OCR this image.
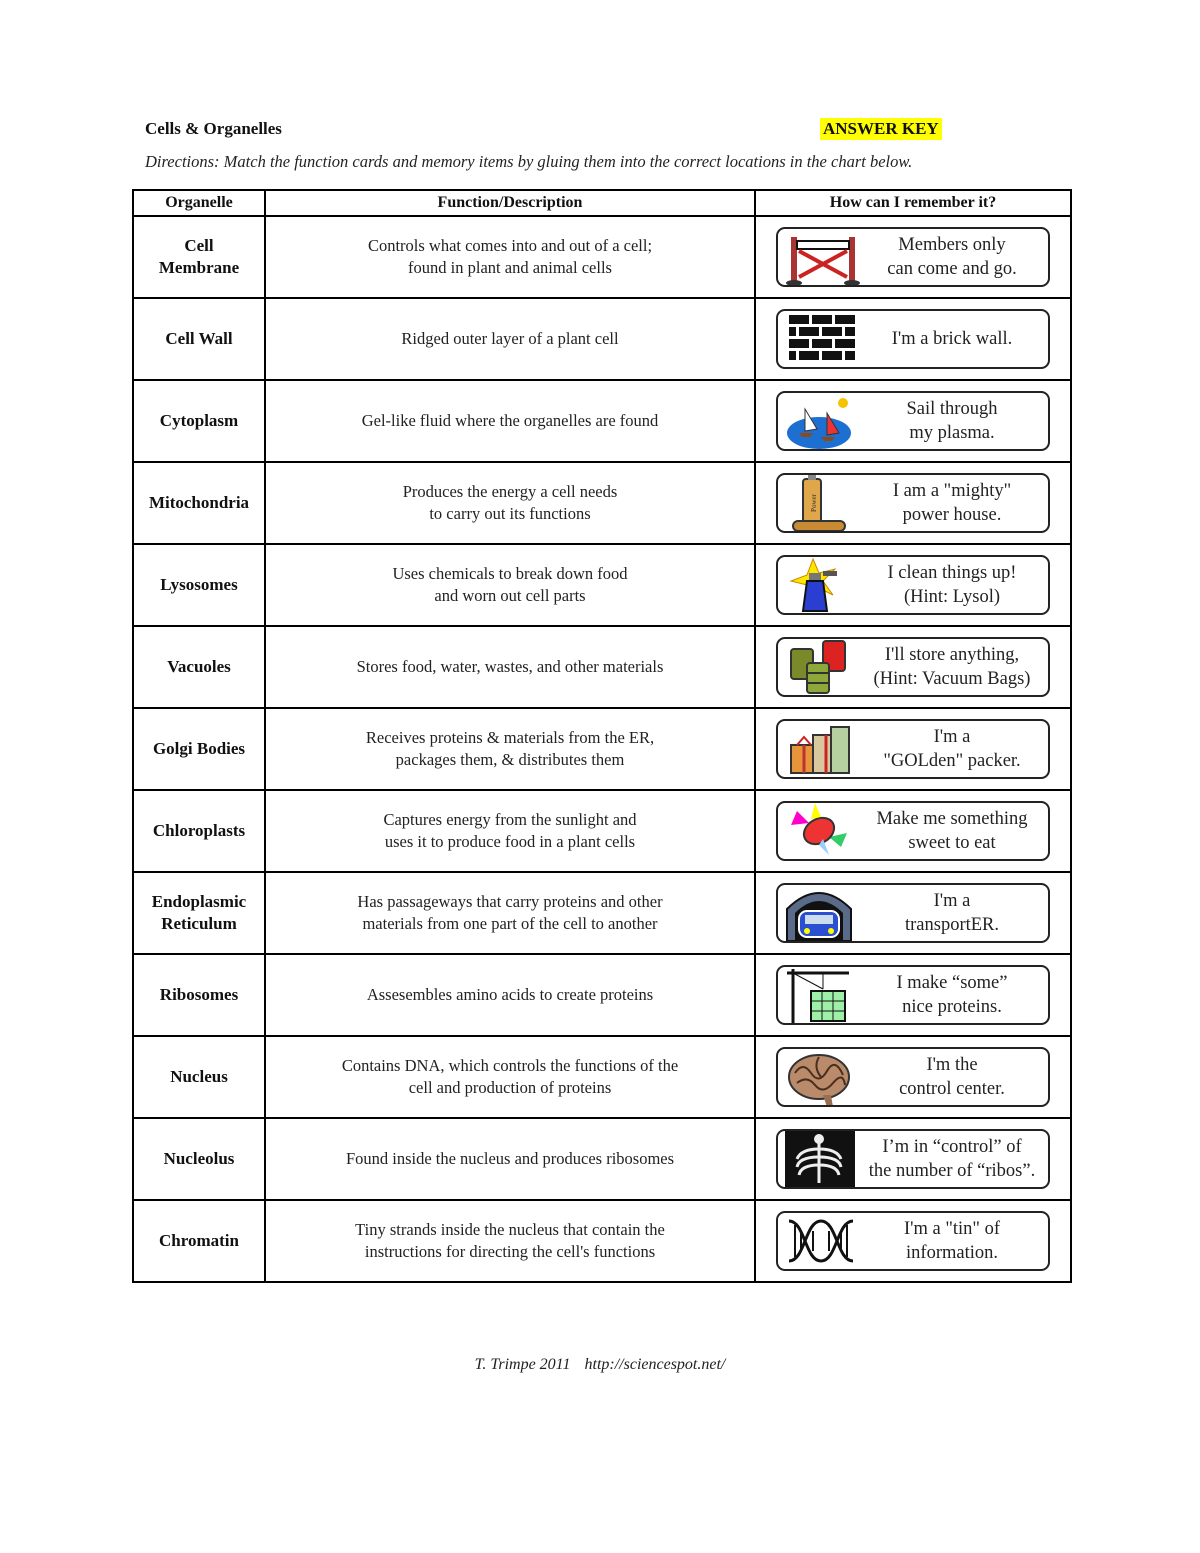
Cells & Organelles	ANSWER KEY
Directions: Match the function cards and memory items by gluing them into the correct locations in the chart below.
Organelle	Function/Description	How can I remember it?

Cell
Membrane	Controls what comes into and out of a cell;
found in plant and animal cells	Members only
can come and go.

Cell Wall	Ridged outer layer of a plant cell	I'm a brick wall.

Cytoplasm	Gel-like fluid where the organelles are found	Sail through
my plasma.

Mitochondria	Produces the energy a cell needs
to carry out its functions	Power
I am a "mighty"
power house.

Lysosomes	Uses chemicals to break down food
and worn out cell parts	I clean things up!
(Hint: Lysol)

Vacuoles	Stores food, water, wastes, and other materials	I'll store anything,
(Hint: Vacuum Bags)

Golgi Bodies	Receives proteins & materials from the ER,
packages them, & distributes them	I'm a
"GOLden" packer.

Chloroplasts	Captures energy from the sunlight and
uses it to produce food in a plant cells	Make me something
sweet to eat

Endoplasmic
Reticulum	Has passageways that carry proteins and other
materials from one part of the cell to another	I'm a
transportER.

Ribosomes	Assesembles amino acids to create proteins	I make “some”
nice proteins.

Nucleus	Contains DNA, which controls the functions of the
cell and production of proteins	I'm the
control center.

Nucleolus	Found inside the nucleus and produces ribosomes	I’m in “control” of
the number of “ribos”.

Chromatin	Tiny strands inside the nucleus that contain the
instructions for directing the cell's functions	I'm a "tin" of
information.
T. Trimpe 2011 http://sciencespot.net/
